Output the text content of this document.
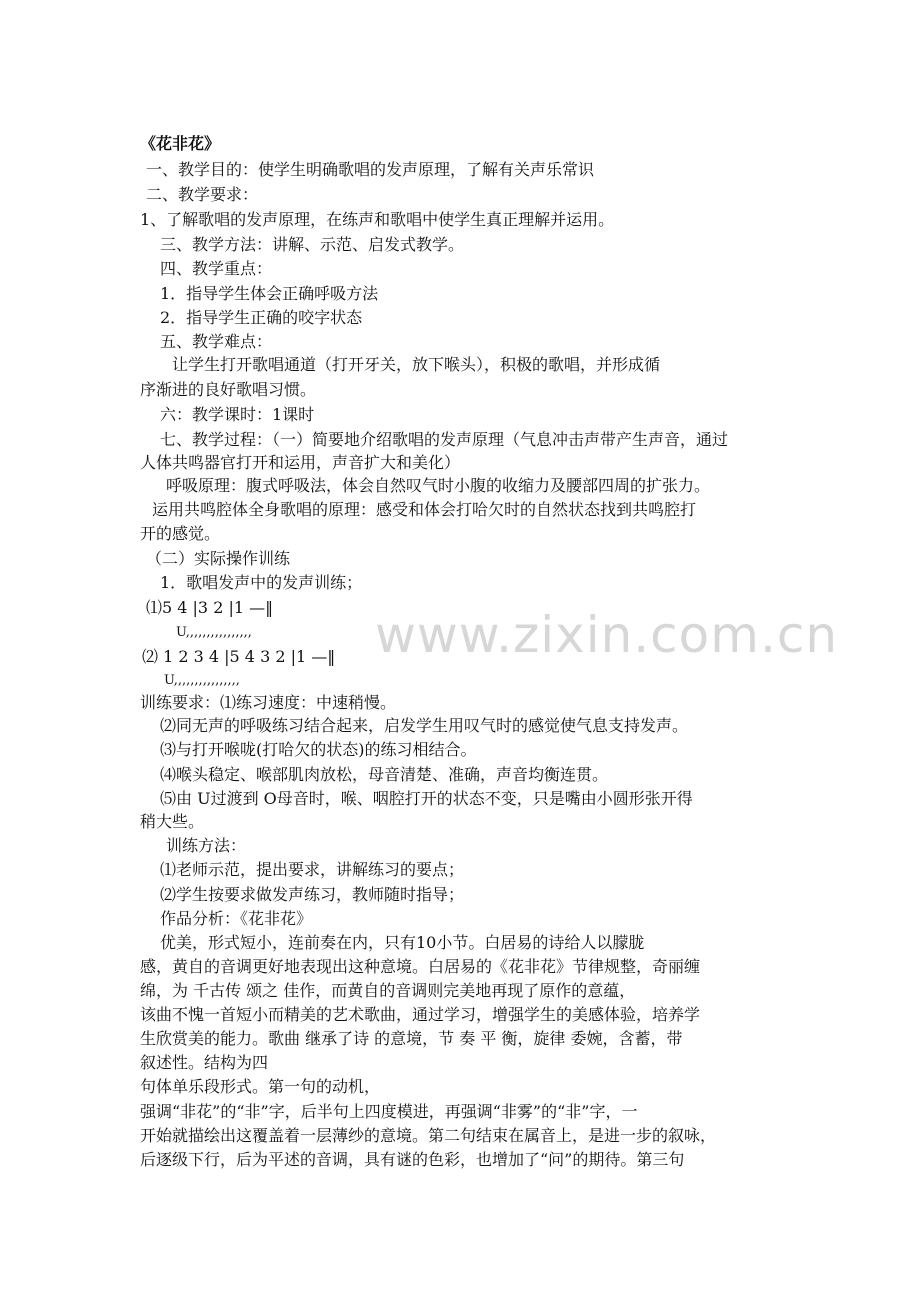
www.zixin.com.cn
《花非花》
一、教学目的：使学生明确歌唱的发声原理，了解有关声乐常识
二、教学要求：
1、了解歌唱的发声原理，在练声和歌唱中使学生真正理解并运用。
三、教学方法：讲解、示范、启发式教学。
四、教学重点：
1．指导学生体会正确呼吸方法
2．指导学生正确的咬字状态
五、教学难点：
让学生打开歌唱通道（打开牙关，放下喉头），积极的歌唱，并形成循
序渐进的良好歌唱习惯。
六：教学课时：1课时
七、教学过程：（一）简要地介绍歌唱的发声原理（气息冲击声带产生声音，通过
人体共鸣器官打开和运用，声音扩大和美化）
呼吸原理：腹式呼吸法，体会自然叹气时小腹的收缩力及腰部四周的扩张力。
运用共鸣腔体全身歌唱的原理：感受和体会打哈欠时的自然状态找到共鸣腔打
开的感觉。
（二）实际操作训练
1．歌唱发声中的发声训练；
⑴5 4 |3 2 |1 —‖
U,,,,,,,,,,,,,,,,
⑵ 1 2 3 4 |5 4 3 2 |1 —‖
U,,,,,,,,,,,,,,,,
训练要求：⑴练习速度：中速稍慢。
⑵同无声的呼吸练习结合起来，启发学生用叹气时的感觉使气息支持发声。
⑶与打开喉咙(打哈欠的状态)的练习相结合。
⑷喉头稳定、喉部肌肉放松，母音清楚、准确，声音均衡连贯。
⑸由 U过渡到 O母音时，喉、咽腔打开的状态不变，只是嘴由小圆形张开得
稍大些。
训练方法：
⑴老师示范，提出要求，讲解练习的要点；
⑵学生按要求做发声练习，教师随时指导；
作品分析：《花非花》
优美，形式短小，连前奏在内，只有10小节。白居易的诗给人以朦胧
感，黄自的音调更好地表现出这种意境。白居易的《花非花》节律规整，奇丽缠
绵，为 千古传 颂之 佳作，而黄自的音调则完美地再现了原作的意蕴，
该曲不愧一首短小而精美的艺术歌曲，通过学习，增强学生的美感体验，培养学
生欣赏美的能力。歌曲 继承了诗 的意境，节 奏 平 衡，旋律 委婉，含蓄，带
叙述性。结构为四
句体单乐段形式。第一句的动机，
强调“非花”的“非”字，后半句上四度模进，再强调“非雾”的“非”字，一
开始就描绘出这覆盖着一层薄纱的意境。第二句结束在属音上，是进一步的叙咏，
后逐级下行，后为平述的音调，具有谜的色彩，也增加了“问”的期待。第三句
